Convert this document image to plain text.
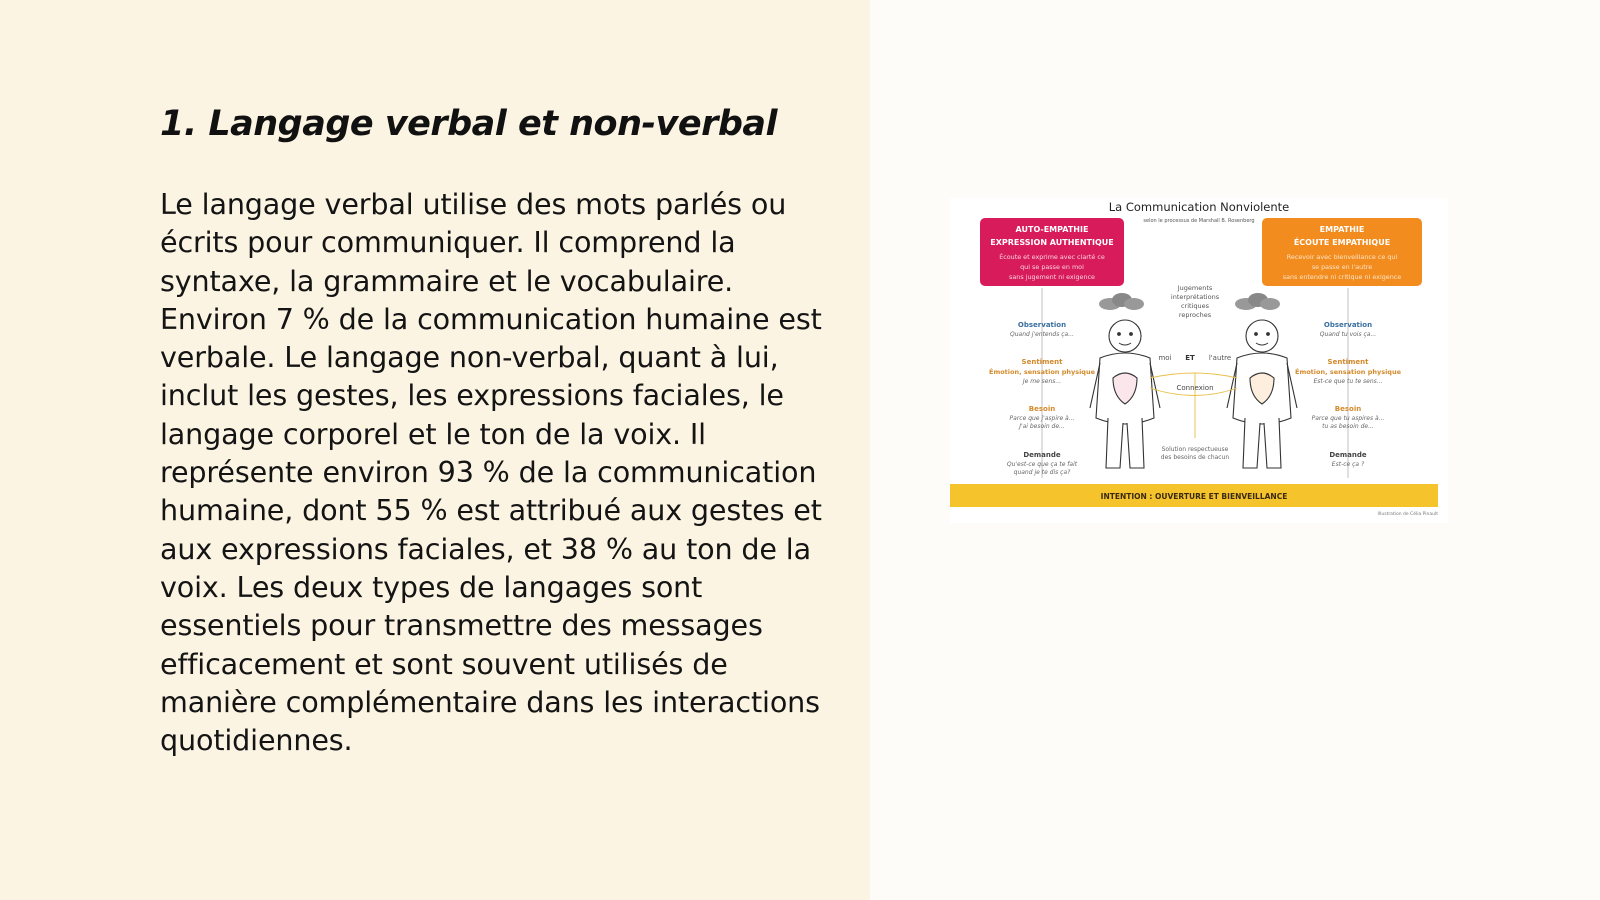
1. Langage verbal et non-verbal

Le langage verbal utilise des mots parlés ou écrits pour communiquer. Il comprend la syntaxe, la grammaire et le vocabulaire. Environ 7 % de la communication humaine est verbale. Le langage non-verbal, quant à lui, inclut les gestes, les expressions faciales, le langage corporel et le ton de la voix. Il représente environ 93 % de la communication humaine, dont 55 % est attribué aux gestes et aux expressions faciales, et 38 % au ton de la voix. Les deux types de langages sont essentiels pour transmettre des messages efficacement et sont souvent utilisés de manière complémentaire dans les interactions quotidiennes.

La Communication Nonviolente
selon le processus de Marshall B. Rosenberg
AUTO-EMPATHIE
EXPRESSION AUTHENTIQUE
Écoute et exprime avec clarté ce
qui se passe en moi
sans jugement ni exigence
EMPATHIE
ÉCOUTE EMPATHIQUE
Recevoir avec bienveillance ce qui
se passe en l'autre
sans entendre ni critique ni exigence
Jugements
interprétations
critiques
reproches
moi ET l'autre
Connexion
Solution respectueuse
des besoins de chacun
Observation
Quand j'entends ça...
Sentiment
Émotion, sensation physique
Je me sens...
Besoin
Parce que j'aspire à...
J'ai besoin de...
Demande
Qu'est-ce que ça te fait
quand je te dis ça?
Observation
Quand tu vois ça...
Sentiment
Émotion, sensation physique
Est-ce que tu te sens...
Besoin
Parce que tu aspires à...
tu as besoin de...
Demande
Est-ce ça ?
INTENTION : OUVERTURE ET BIENVEILLANCE
Illustration de Célia Pinault
